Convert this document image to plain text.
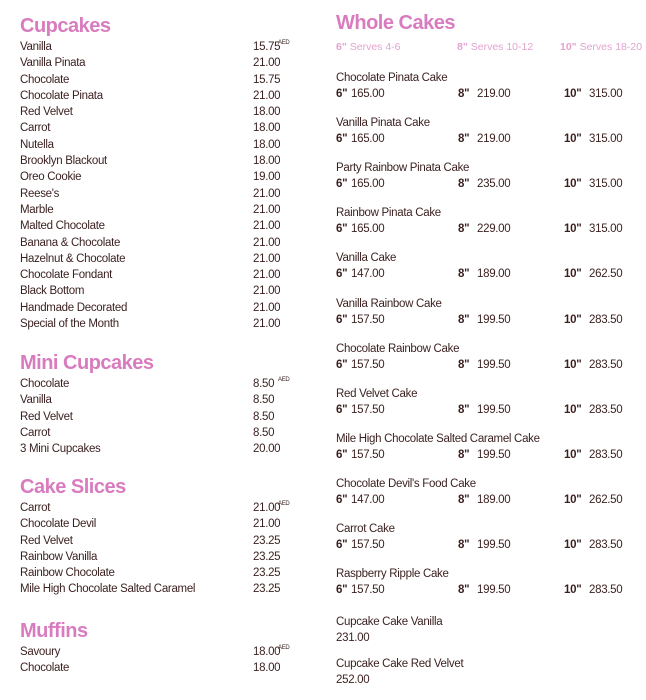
Cupcakes
Vanilla	15.75
AED
Vanilla Pinata	21.00
Chocolate	15.75
Chocolate Pinata	21.00
Red Velvet	18.00
Carrot	18.00
Nutella	18.00
Brooklyn Blackout	18.00
Oreo Cookie	19.00
Reese's	21.00
Marble	21.00
Malted Chocolate	21.00
Banana & Chocolate	21.00
Hazelnut & Chocolate	21.00
Chocolate Fondant	21.00
Black Bottom	21.00
Handmade Decorated	21.00
Special of the Month	21.00
Mini Cupcakes
Chocolate	8.50 AED
Vanilla	8.50
Red Velvet	8.50
Carrot	8.50
3 Mini Cupcakes	20.00
Cake Slices
Carrot	21.00
AED
Chocolate Devil	21.00
Red Velvet	23.25
Rainbow Vanilla	23.25
Rainbow Chocolate	23.25
Mile High Chocolate Salted Caramel	23.25
Muffins
Savoury	18.00
AED
Chocolate	18.00
Whole Cakes
6" Serves 4-6	8" Serves 10-12	10" Serves 18-20
Chocolate Pinata Cake
6" 165.00	8" 219.00	10" 315.00
Vanilla Pinata Cake
6" 165.00	8" 219.00	10" 315.00
Party Rainbow Pinata Cake
6" 165.00	8" 235.00	10" 315.00
Rainbow Pinata Cake
6" 165.00	8" 229.00	10" 315.00
Vanilla Cake
6" 147.00	8" 189.00	10" 262.50
Vanilla Rainbow Cake
6" 157.50	8" 199.50	10" 283.50
Chocolate Rainbow Cake
6" 157.50	8" 199.50	10" 283.50
Red Velvet Cake
6" 157.50	8" 199.50	10" 283.50
Mile High Chocolate Salted Caramel Cake
6" 157.50	8" 199.50	10" 283.50
Chocolate Devil's Food Cake
6" 147.00	8" 189.00	10" 262.50
Carrot Cake
6" 157.50	8" 199.50	10" 283.50
Raspberry Ripple Cake
6" 157.50	8" 199.50	10" 283.50
Cupcake Cake Vanilla
231.00
Cupcake Cake Red Velvet
252.00
